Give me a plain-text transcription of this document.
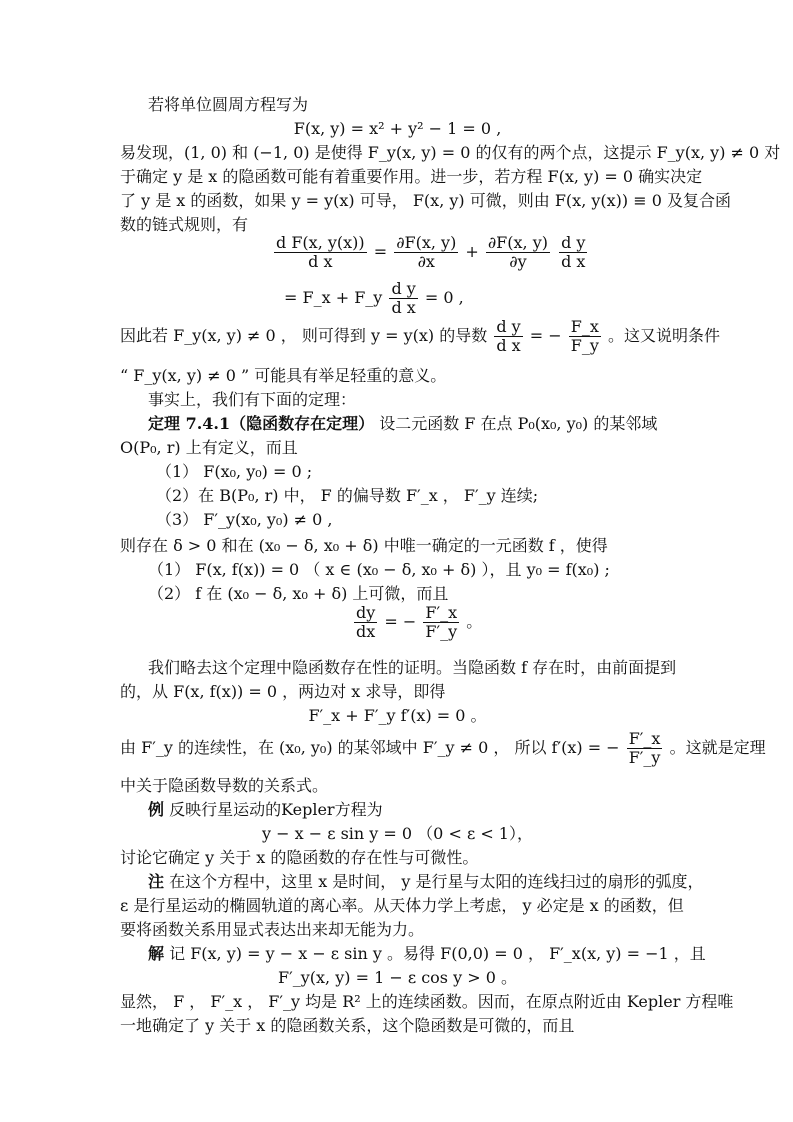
若将单位圆周方程写为
F(x, y) = x² + y² − 1 = 0 ,
易发现，(1, 0) 和 (−1, 0) 是使得 F_y(x, y) = 0 的仅有的两个点，这提示 F_y(x, y) ≠ 0 对
于确定 y 是 x 的隐函数可能有着重要作用。进一步，若方程 F(x, y) = 0 确实决定
了 y 是 x 的函数，如果 y = y(x) 可导， F(x, y) 可微，则由 F(x, y(x)) ≡ 0 及复合函
数的链式规则，有
$\frac{\text{d F(x, y(x))}}{\text{d x}} = \frac{\partial F(x, y)}{\partial x} + \frac{\partial F(x, y)}{\partial y}$
$\frac{\text{d y}}{\text{d x}}$
= F_x + F_y $\frac{\text{d y}}{\text{d x}} = 0$ ,
因此若 F_y(x, y) ≠ 0 ， 则可得到 y = y(x) 的导数 $\frac{\text{d y}}{\text{d x}}$ = − $\frac{F\_x}{F\_y}$ 。这又说明条件
“ F_y(x, y) ≠ 0 ” 可能具有举足轻重的意义。
事实上，我们有下面的定理：
定理 7.4.1（隐函数存在定理） 设二元函数 F 在点 P₀(x₀, y₀) 的某邻域
O(P₀, r) 上有定义，而且
（1） F(x₀, y₀) = 0 ;
（2）在 B(P₀, r) 中， F 的偏导数 F′_x ， F′_y 连续;
（3） F′_y(x₀, y₀) ≠ 0 ,
则存在 δ > 0 和在 (x₀ − δ, x₀ + δ) 中唯一确定的一元函数 f ，使得
（1） F(x, f(x)) = 0 （ x ∈ (x₀ − δ, x₀ + δ) ），且 y₀ = f(x₀) ;
（2） f 在 (x₀ − δ, x₀ + δ) 上可微，而且
$\frac{dy}{dx}$ = − $\frac{F'\_x}{F'\_y}$ 。
我们略去这个定理中隐函数存在性的证明。当隐函数 f 存在时，由前面提到
的，从 F(x, f(x)) = 0 ，两边对 x 求导，即得
F′_x + F′_y f′(x) = 0 。
由 F′_y 的连续性，在 (x₀, y₀) 的某邻域中 F′_y ≠ 0 ， 所以 f′(x) = − $\frac{F'\_x}{F'\_y}$ 。这就是定理
中关于隐函数导数的关系式。
例 反映行星运动的Kepler方程为
y − x − ε sin y = 0 （0 < ε < 1），
讨论它确定 y 关于 x 的隐函数的存在性与可微性。
注 在这个方程中，这里 x 是时间， y 是行星与太阳的连线扫过的扇形的弧度，
ε 是行星运动的椭圆轨道的离心率。从天体力学上考虑， y 必定是 x 的函数，但
要将函数关系用显式表达出来却无能为力。
解 记 F(x, y) = y − x − ε sin y 。易得 F(0,0) = 0 ， F′_x(x, y) = −1 ，且
F′_y(x, y) = 1 − ε cos y > 0 。
显然， F ， F′_x ， F′_y 均是 R² 上的连续函数。因而，在原点附近由 Kepler 方程唯
一地确定了 y 关于 x 的隐函数关系，这个隐函数是可微的，而且
